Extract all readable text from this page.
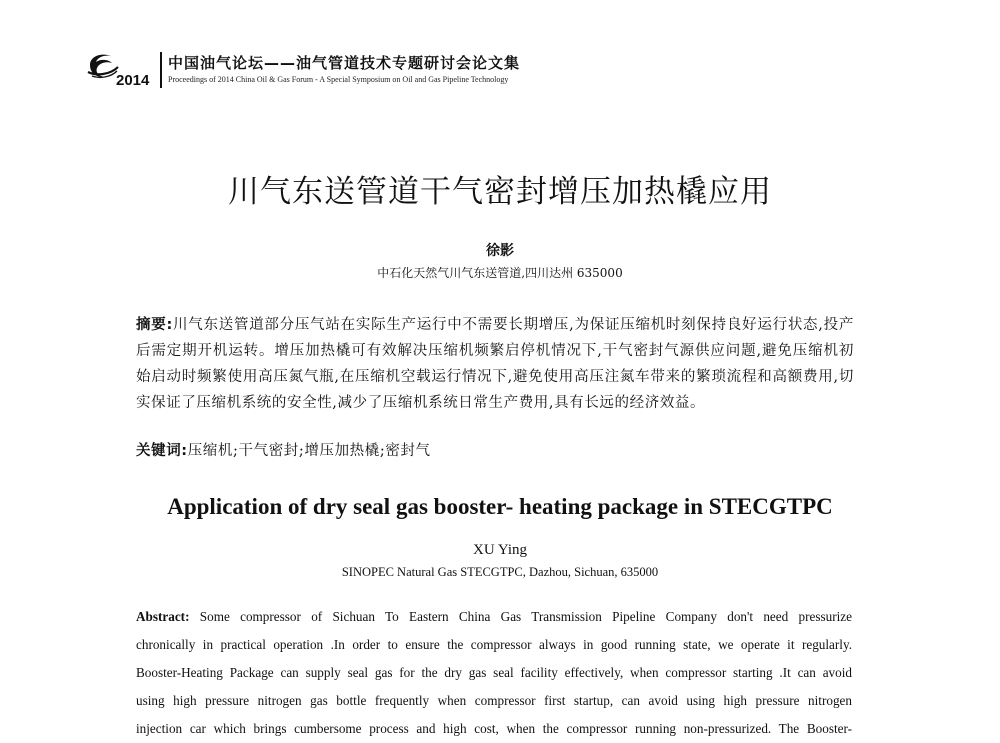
2014
中国油气论坛——油气管道技术专题研讨会论文集
Proceedings of 2014 China Oil & Gas Forum - A Special Symposium on Oil and Gas Pipeline Technology
川气东送管道干气密封增压加热橇应用
徐影
中石化天然气川气东送管道,四川达州 635000
摘要:川气东送管道部分压气站在实际生产运行中不需要长期增压,为保证压缩机时刻保持良好运行状态,投产后需定期开机运转。增压加热橇可有效解决压缩机频繁启停机情况下,干气密封气源供应问题,避免压缩机初始启动时频繁使用高压氮气瓶,在压缩机空载运行情况下,避免使用高压注氮车带来的繁琐流程和高额费用,切实保证了压缩机系统的安全性,减少了压缩机系统日常生产费用,具有长远的经济效益。
关键词:压缩机;干气密封;增压加热橇;密封气
Application of dry seal gas booster- heating package in STECGTPC
XU Ying
SINOPEC Natural Gas STECGTPC, Dazhou, Sichuan, 635000
Abstract: Some compressor of Sichuan To Eastern China Gas Transmission Pipeline Company don't need pressurize
chronically in practical operation .In order to ensure the compressor always in good running state, we operate it regularly.
Booster-Heating Package can supply seal gas for the dry gas seal facility effectively, when compressor starting .It can avoid
using high pressure nitrogen gas bottle frequently when compressor first startup, can avoid using high pressure nitrogen
injection car which brings cumbersome process and high cost, when the compressor running non-pressurized. The Booster-
